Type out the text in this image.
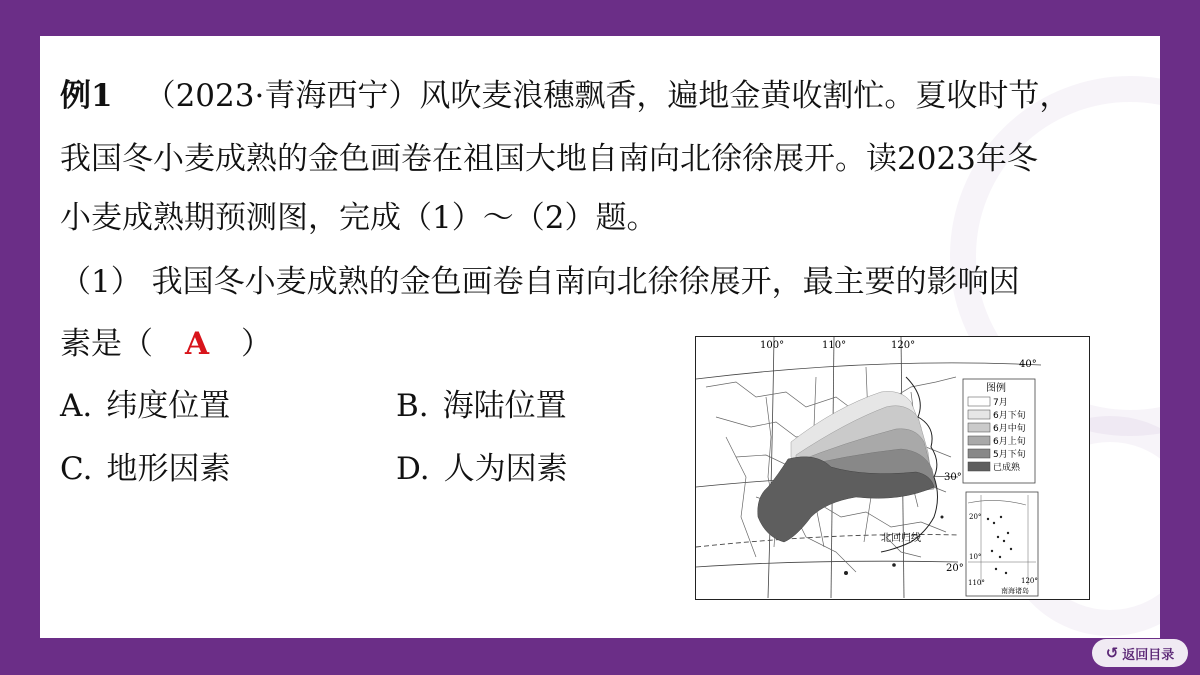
例1 （2023·青海西宁）风吹麦浪穗飘香，遍地金黄收割忙。夏收时节，
我国冬小麦成熟的金色画卷在祖国大地自南向北徐徐展开。读2023年冬
小麦成熟期预测图，完成（1）～（2）题。
（1） 我国冬小麦成熟的金色画卷自南向北徐徐展开，最主要的影响因
素是（ A ）
A. 纬度位置	B. 海陆位置
C. 地形因素	D. 人为因素
100°	110°	120°
40°
30°
20°
北回归线
图例
7月
6月下旬
6月中旬
6月上旬
5月下旬
已成熟
20°
10°
110°	120°
南海诸岛
↺ 返回目录
